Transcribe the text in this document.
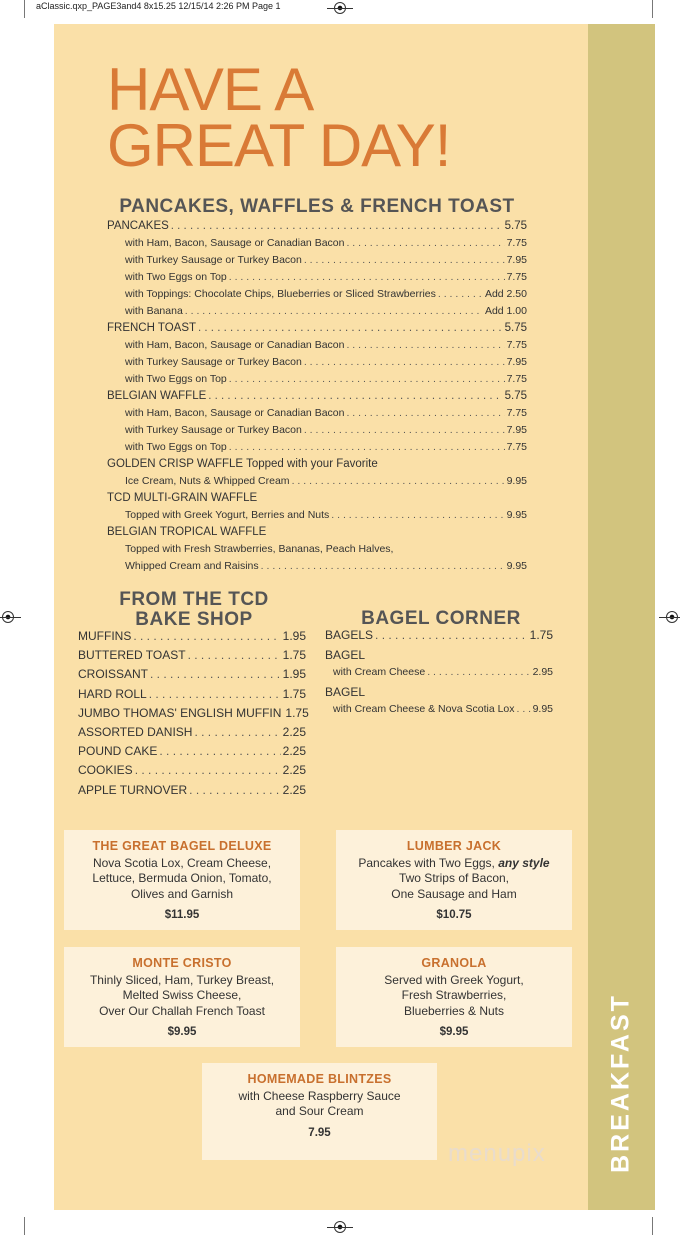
aClassic.qxp_PAGE3and4 8x15.25 12/15/14 2:26 PM Page 1
BREAKFAST
HAVE A
GREAT DAY!
PANCAKES, WAFFLES & FRENCH TOAST
PANCAKES . . .	5.75
with Ham, Bacon, Sausage or Canadian Bacon . . .	7.75
with Turkey Sausage or Turkey Bacon . . .	7.95
with Two Eggs on Top . . .	7.75
with Toppings: Chocolate Chips, Blueberries or Sliced Strawberries . . .	Add 2.50
with Banana . . .	Add 1.00
FRENCH TOAST . . .	5.75
with Ham, Bacon, Sausage or Canadian Bacon . . .	7.75
with Turkey Sausage or Turkey Bacon . . .	7.95
with Two Eggs on Top . . .	7.75
BELGIAN WAFFLE . . .	5.75
with Ham, Bacon, Sausage or Canadian Bacon . . .	7.75
with Turkey Sausage or Turkey Bacon . . .	7.95
with Two Eggs on Top . . .	7.75
GOLDEN CRISP WAFFLE Topped with your Favorite
Ice Cream, Nuts & Whipped Cream . . .	9.95
TCD MULTI-GRAIN WAFFLE
Topped with Greek Yogurt, Berries and Nuts . . .	9.95
BELGIAN TROPICAL WAFFLE
Topped with Fresh Strawberries, Bananas, Peach Halves,
Whipped Cream and Raisins . . .	9.95
FROM THE TCD
BAKE SHOP
MUFFINS . . .	1.95
BUTTERED TOAST . . .	1.75
CROISSANT . . .	1.95
HARD ROLL . . .	1.75
JUMBO THOMAS' ENGLISH MUFFIN 1.75
ASSORTED DANISH . . .	2.25
POUND CAKE . . .	2.25
COOKIES . . .	2.25
APPLE TURNOVER . . .	2.25
BAGEL CORNER
BAGELS . . .	1.75
BAGEL
with Cream Cheese . . .	2.95
BAGEL
with Cream Cheese & Nova Scotia Lox . . . 9.95
THE GREAT BAGEL DELUXE
Nova Scotia Lox, Cream Cheese,
Lettuce, Bermuda Onion, Tomato,
Olives and Garnish
$11.95
LUMBER JACK
Pancakes with Two Eggs, any style
Two Strips of Bacon,
One Sausage and Ham
$10.75
MONTE CRISTO
Thinly Sliced, Ham, Turkey Breast,
Melted Swiss Cheese,
Over Our Challah French Toast
$9.95
GRANOLA
Served with Greek Yogurt,
Fresh Strawberries,
Blueberries & Nuts
$9.95
HOMEMADE BLINTZES
with Cheese Raspberry Sauce
and Sour Cream
7.95
menupix
